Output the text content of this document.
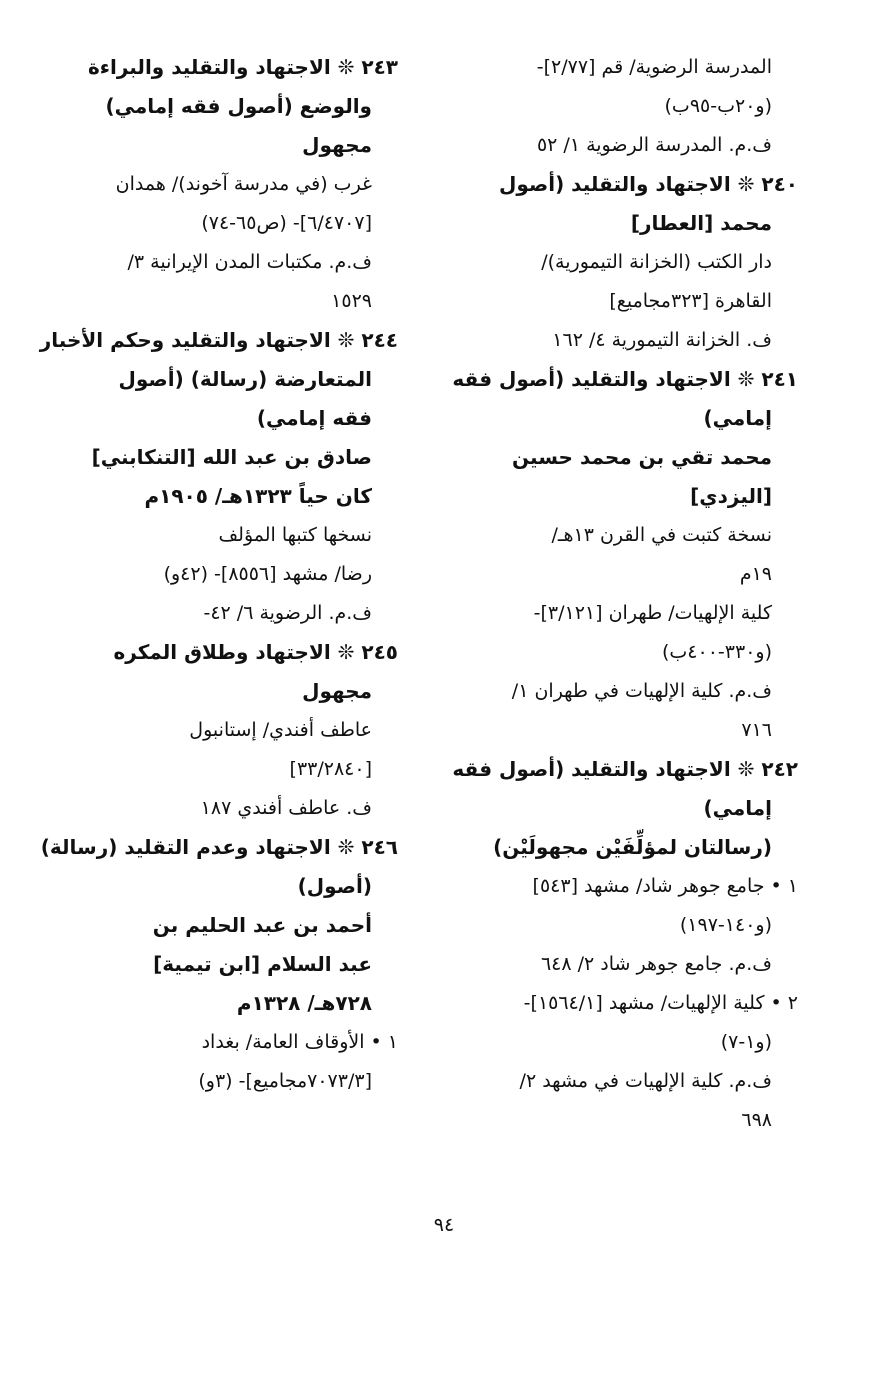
المدرسة الرضوية/ قم [٢/٧٧]-
(و٢٠ب-٩٥ب)
ف.م. المدرسة الرضوية ١/ ٥٢
٢٤٠ ❊ الاجتهاد والتقليد (أصول
محمد [العطار]
دار الكتب (الخزانة التيمورية)/
القاهرة [٣٢٣مجاميع]
ف. الخزانة التيمورية ٤/ ١٦٢
٢٤١ ❊ الاجتهاد والتقليد (أصول فقه
إمامي)
محمد تقي بن محمد حسين
[اليزدي]
نسخة كتبت في القرن ١٣هـ/
١٩م
كلية الإلهيات/ طهران [٣/١٢١]-
(و٣٣٠-٤٠٠ب)
ف.م. كلية الإلهيات في طهران ١/
٧١٦
٢٤٢ ❊ الاجتهاد والتقليد (أصول فقه
إمامي)
(رسالتان لمؤلِّفَيْن مجهولَيْن)
١ • جامع جوهر شاد/ مشهد [٥٤٣]
(و١٤٠-١٩٧)
ف.م. جامع جوهر شاد ٢/ ٦٤٨
٢ • كلية الإلهيات/ مشهد [١٥٦٤/١]-
(و١-٧)
ف.م. كلية الإلهيات في مشهد ٢/
٦٩٨
٢٤٣ ❊ الاجتهاد والتقليد والبراءة
والوضع (أصول فقه إمامي)
مجهول
غرب (في مدرسة آخوند)/ همدان
[٦/٤٧٠٧]- (ص٦٥-٧٤)
ف.م. مكتبات المدن الإيرانية ٣/
١٥٢٩
٢٤٤ ❊ الاجتهاد والتقليد وحكم الأخبار
المتعارضة (رسالة) (أصول
فقه إمامي)
صادق بن عبد الله [التنكابني]
كان حياً ١٣٢٣هـ/ ١٩٠٥م
نسخها كتبها المؤلف
رضا/ مشهد [٨٥٥٦]- (٤٢و)
ف.م. الرضوية ٦/ ٤٢-
٢٤٥ ❊ الاجتهاد وطلاق المكره
مجهول
عاطف أفندي/ إستانبول
[٣٣/٢٨٤٠]
ف. عاطف أفندي ١٨٧
٢٤٦ ❊ الاجتهاد وعدم التقليد (رسالة)
(أصول)
أحمد بن عبد الحليم بن
عبد السلام [ابن تيمية]
٧٢٨هـ/ ١٣٢٨م
١ • الأوقاف العامة/ بغداد
[٧٠٧٣/٣مجاميع]- (٣و)
٩٤
